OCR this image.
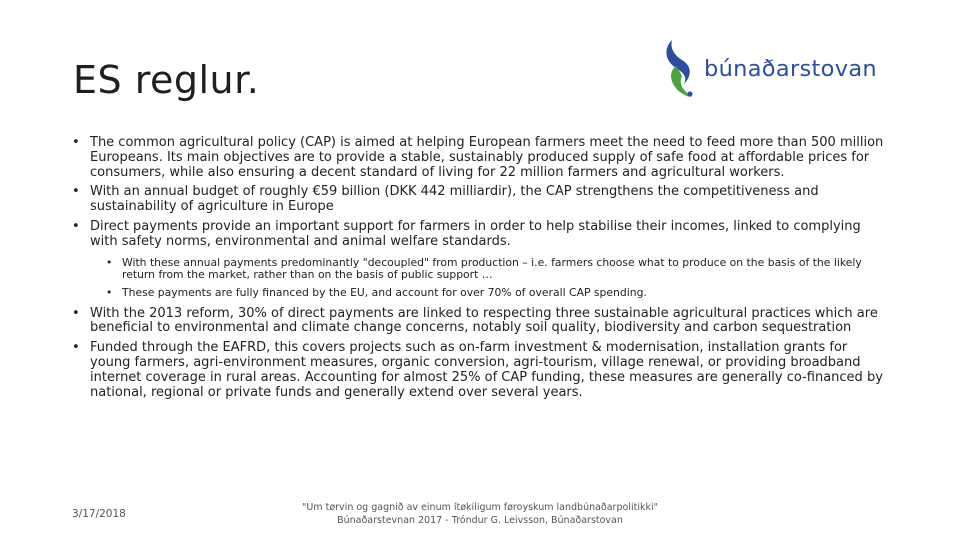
ES reglur.	búnaðarstovan
• The common agricultural policy (CAP) is aimed at helping European farmers meet the need to feed more than 500 million Europeans. Its main objectives are to provide a stable, sustainably produced supply of safe food at affordable prices for consumers, while also ensuring a decent standard of living for 22 million farmers and agricultural workers.
• With an annual budget of roughly €59 billion (DKK 442 milliardir), the CAP strengthens the competitiveness and sustainability of agriculture in Europe
• Direct payments provide an important support for farmers in order to help stabilise their incomes, linked to complying with safety norms, environmental and animal welfare standards.
• With these annual payments predominantly "decoupled" from production – i.e. farmers choose what to produce on the basis of the likely return from the market, rather than on the basis of public support …
• These payments are fully financed by the EU, and account for over 70% of overall CAP spending.
• With the 2013 reform, 30% of direct payments are linked to respecting three sustainable agricultural practices which are beneficial to environmental and climate change concerns, notably soil quality, biodiversity and carbon sequestration
• Funded through the EAFRD, this covers projects such as on-farm investment & modernisation, installation grants for young farmers, agri-environment measures, organic conversion, agri-tourism, village renewal, or providing broadband internet coverage in rural areas. Accounting for almost 25% of CAP funding, these measures are generally co-financed by national, regional or private funds and generally extend over several years.
3/17/2018
"Um tørvin og gagnið av einum ítøkiligum føroyskum landbúnaðarpolitikki"
Búnaðarstevnan 2017 - Tróndur G. Leivsson, Búnaðarstovan
